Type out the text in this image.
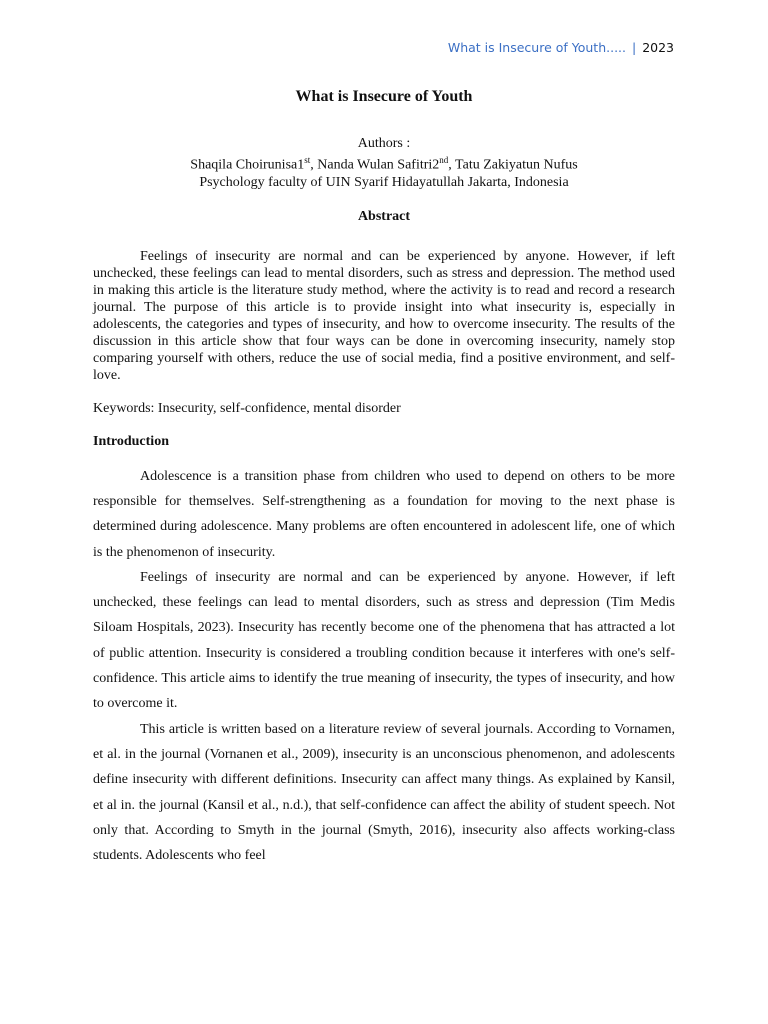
What is Insecure of Youth..... | 2023
What is Insecure of Youth
Authors :
Shaqila Choirunisa1st, Nanda Wulan Safitri2nd, Tatu Zakiyatun Nufus
Psychology faculty of UIN Syarif Hidayatullah Jakarta, Indonesia
Abstract
Feelings of insecurity are normal and can be experienced by anyone. However, if left unchecked, these feelings can lead to mental disorders, such as stress and depression. The method used in making this article is the literature study method, where the activity is to read and record a research journal. The purpose of this article is to provide insight into what insecurity is, especially in adolescents, the categories and types of insecurity, and how to overcome insecurity. The results of the discussion in this article show that four ways can be done in overcoming insecurity, namely stop comparing yourself with others, reduce the use of social media, find a positive environment, and self-love.
Keywords: Insecurity, self-confidence, mental disorder
Introduction

Adolescence is a transition phase from children who used to depend on others to be more responsible for themselves. Self-strengthening as a foundation for moving to the next phase is determined during adolescence. Many problems are often encountered in adolescent life, one of which is the phenomenon of insecurity.

Feelings of insecurity are normal and can be experienced by anyone. However, if left unchecked, these feelings can lead to mental disorders, such as stress and depression (Tim Medis Siloam Hospitals, 2023). Insecurity has recently become one of the phenomena that has attracted a lot of public attention. Insecurity is considered a troubling condition because it interferes with one's self-confidence. This article aims to identify the true meaning of insecurity, the types of insecurity, and how to overcome it.

This article is written based on a literature review of several journals. According to Vornamen, et al. in the journal (Vornanen et al., 2009), insecurity is an unconscious phenomenon, and adolescents define insecurity with different definitions. Insecurity can affect many things. As explained by Kansil, et al in. the journal (Kansil et al., n.d.), that self-confidence can affect the ability of student speech. Not only that. According to Smyth in the journal (Smyth, 2016), insecurity also affects working-class students. Adolescents who feel
